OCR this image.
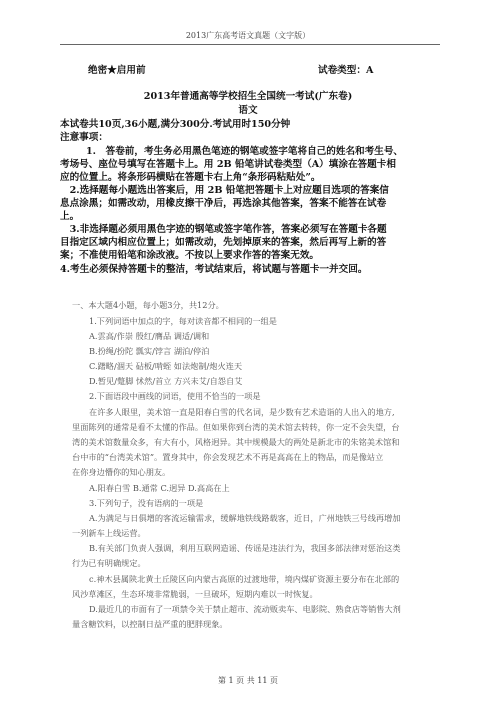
2013广东高考语文真题（文字版）
绝密★启用前	试卷类型：A
2013年普通高等学校招生全国统一考试(广东卷)
语文
本试卷共10页,36小题,满分300分.考试用时150分钟
注意事项：
1.　答卷前，考生务必用黑色笔迹的钢笔或签字笔将自己的姓名和考生号、
考场号、座位号填写在答题卡上。用 2B 铅笔讲试卷类型（A）填涂在答题卡相
应的位置上。将条形码横贴在答题卡右上角“条形码粘贴处”。
　2.选择题每小题选出答案后，用 2B 铅笔把答题卡上对应题目选项的答案信
息点涂黑；如需改动，用橡皮擦干净后，再选涂其他答案，答案不能答在试卷
上。
　3.非选择题必须用黑色字迹的钢笔或签字笔作答，答案必须写在答题卡各题
目指定区域内相应位置上；如需改动，先划掉原来的答案，然后再写上新的答
案；不准使用铅笔和涂改液。不按以上要求作答的答案无效。
4.考生必须保持答题卡的整洁，考试结束后，将试题与答题卡一并交回。
一、本大题4小题，每小题3分，共12分。
1.下列词语中加点的字，每对读音都不相同的一组是
A.雲高/作崇 殷红/膺品 调适/调和
B.扮绳/扮陀 瓢实/饽言 湖泊/停泊
C.躇略/涸天 砧板/啃蛭 如法炮制/炮火连天
D.暂见/蹩脚 怵然/首立 方兴未艾/自怨自艾
2.下面语段中画线的词语，使用不恰当的一项是
在许多人眼里，美术馆一直是阳春白雪的代名词，是少数有艺术造诣的人出入的地方,
里面陈列的通常是看不太懂的作品。但如果你到台湾的美术馆去转转，你一定不会失望，台
湾的美术馆数量众多，有大有小，风格迥异。其中规模最大的两处是新北市的朱铭美术馆和
台中市的“台湾美术馆”。置身其中，你会发现艺术不再是高高在上的物品，而是像站立
在你身边懵你的知心朋友。
A.阳春白雪 B.通常 C.迥异 D.高高在上
3.下列句子，没有语病的一项是
A.为满足与日俱增的客流运输需求，缓解地铁线路载客，近日，广州地铁三号线再增加
一列新车上线运营。
B.有关部门负责人强调，利用互联网造谣、传谣是违法行为，我国多部法律对惩治这类
行为已有明确规定。
c.神木县属陕北黄土丘陵区向内蒙古高原的过渡地带，境内煤矿资源主要分布在北部的
风沙草滩区，生态环境非常脆弱，一旦破坏，短期内难以一时恢复。
D.最近几的市面有了一项禁令关于禁止超市、流动贩卖车、电影院、熟食店等销售大剂
量含糖饮料，以控制日益严重的肥胖现象。
第 1 页 共 11 页
